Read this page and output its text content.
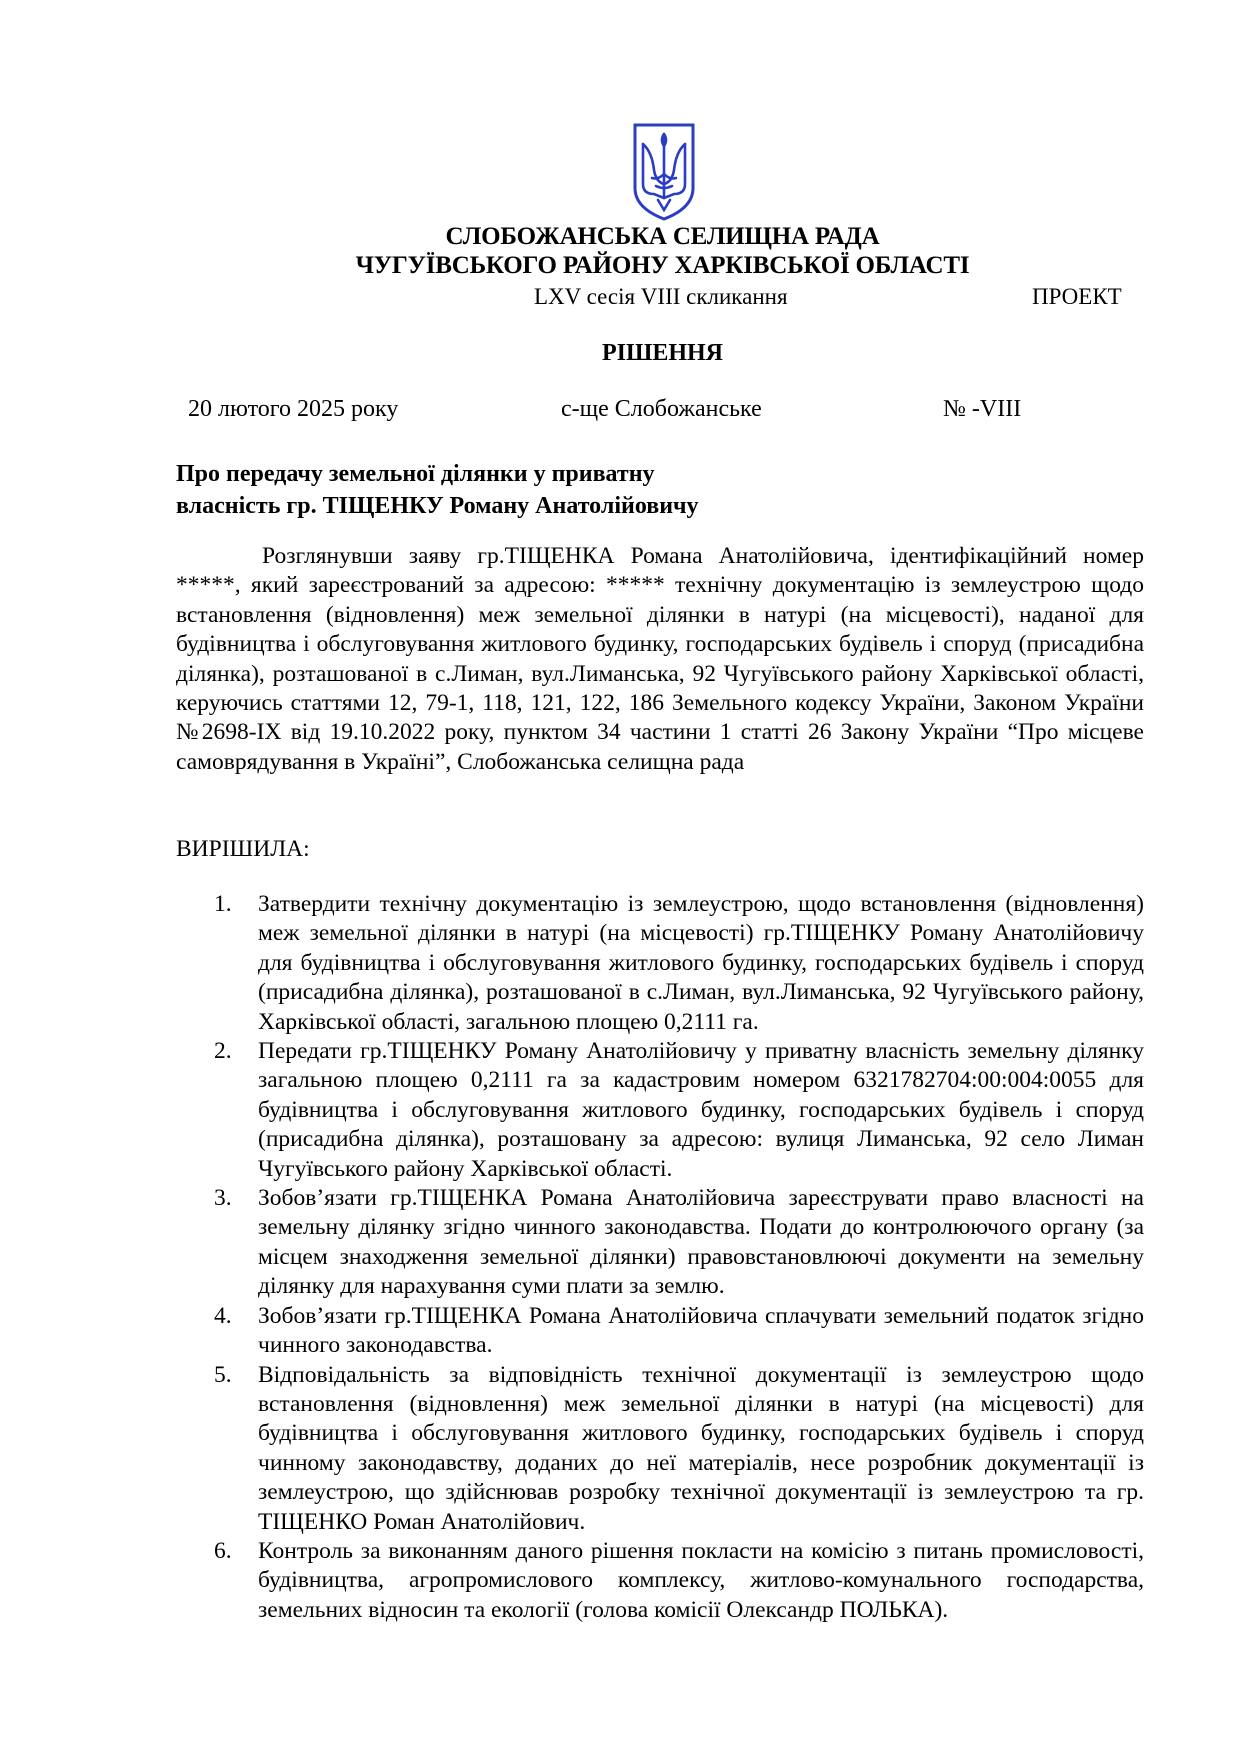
СЛОБОЖАНСЬКА СЕЛИЩНА РАДА
ЧУГУЇВСЬКОГО РАЙОНУ ХАРКІВСЬКОЇ ОБЛАСТІ
LXV сесія VIII скликання	ПРОЕКТ
РІШЕННЯ
20 лютого 2025 року	с-ще Слобожанське	№ -VIII
Про передачу земельної ділянки у приватну
власність гр. ТІЩЕНКУ Роману Анатолійовичу
Розглянувши заяву гр.ТІЩЕНКА Романа Анатолійовича, ідентифікаційний номер *****, який зареєстрований за адресою: ***** технічну документацію із землеустрою щодо встановлення (відновлення) меж земельної ділянки в натурі (на місцевості), наданої для будівництва і обслуговування житлового будинку, господарських будівель і споруд (присадибна ділянка), розташованої в с.Лиман, вул.Лиманська, 92 Чугуївського району Харківської області, керуючись статтями 12, 79-1, 118, 121, 122, 186 Земельного кодексу України, Законом України №2698-ІХ від 19.10.2022 року, пунктом 34 частини 1 статті 26 Закону України “Про місцеве самоврядування в Україні”, Слобожанська селищна рада
ВИРІШИЛА:
1. Затвердити технічну документацію із землеустрою, щодо встановлення (відновлення) меж земельної ділянки в натурі (на місцевості) гр.ТІЩЕНКУ Роману Анатолійовичу для будівництва і обслуговування житлового будинку, господарських будівель і споруд (присадибна ділянка), розташованої в с.Лиман, вул.Лиманська, 92 Чугуївського району, Харківської області, загальною площею 0,2111 га.
2. Передати гр.ТІЩЕНКУ Роману Анатолійовичу у приватну власність земельну ділянку загальною площею 0,2111 га за кадастровим номером 6321782704:00:004:0055 для будівництва і обслуговування житлового будинку, господарських будівель і споруд (присадибна ділянка), розташовану за адресою: вулиця Лиманська, 92 село Лиман Чугуївського району Харківської області.
3. Зобов’язати гр.ТІЩЕНКА Романа Анатолійовича зареєструвати право власності на земельну ділянку згідно чинного законодавства. Подати до контролюючого органу (за місцем знаходження земельної ділянки) правовстановлюючі документи на земельну ділянку для нарахування суми плати за землю.
4. Зобов’язати гр.ТІЩЕНКА Романа Анатолійовича сплачувати земельний податок згідно чинного законодавства.
5. Відповідальність за відповідність технічної документації із землеустрою щодо встановлення (відновлення) меж земельної ділянки в натурі (на місцевості) для будівництва і обслуговування житлового будинку, господарських будівель і споруд чинному законодавству, доданих до неї матеріалів, несе розробник документації із землеустрою, що здійснював розробку технічної документації із землеустрою та гр. ТІЩЕНКО Роман Анатолійович.
6. Контроль за виконанням даного рішення покласти на комісію з питань промисловості, будівництва, агропромислового комплексу, житлово-комунального господарства, земельних відносин та екології (голова комісії Олександр ПОЛЬКА).
